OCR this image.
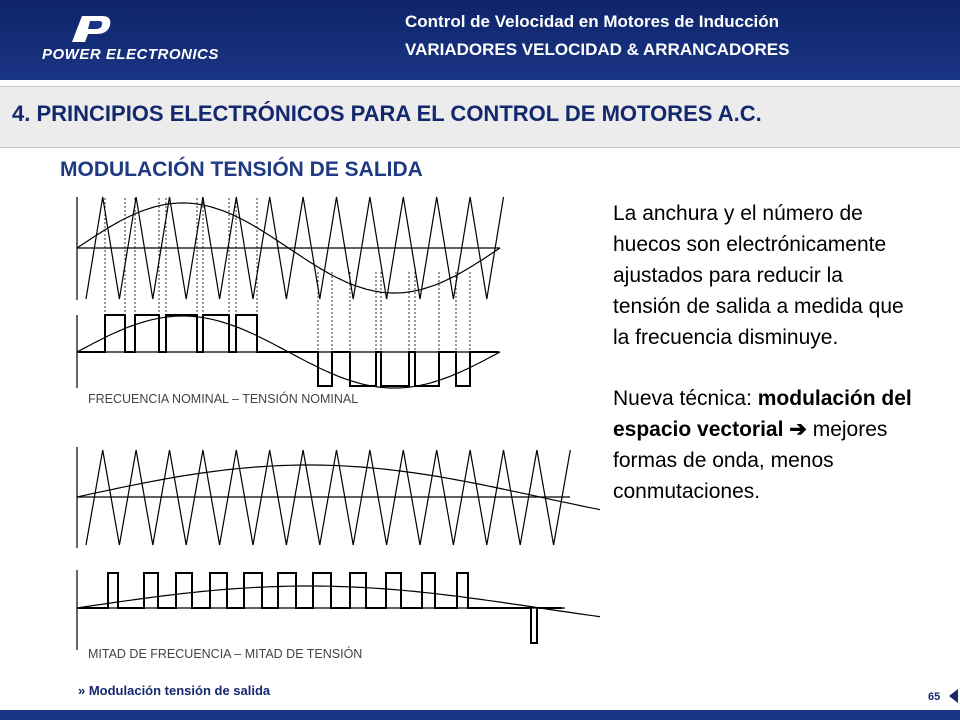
POWER ELECTRONICS
Control de Velocidad en Motores de Inducción
VARIADORES VELOCIDAD & ARRANCADORES
4. PRINCIPIOS ELECTRÓNICOS PARA EL CONTROL DE MOTORES A.C.
MODULACIÓN TENSIÓN DE SALIDA
FRECUENCIA NOMINAL – TENSIÓN NOMINAL
MITAD DE FRECUENCIA – MITAD DE TENSIÓN

La anchura y el número de huecos son electrónicamente ajustados para reducir la tensión de salida a medida que la frecuencia disminuye.

Nueva técnica: modulación del espacio vectorial ➔ mejores formas de onda, menos conmutaciones.

» Modulación tensión de salida	65
